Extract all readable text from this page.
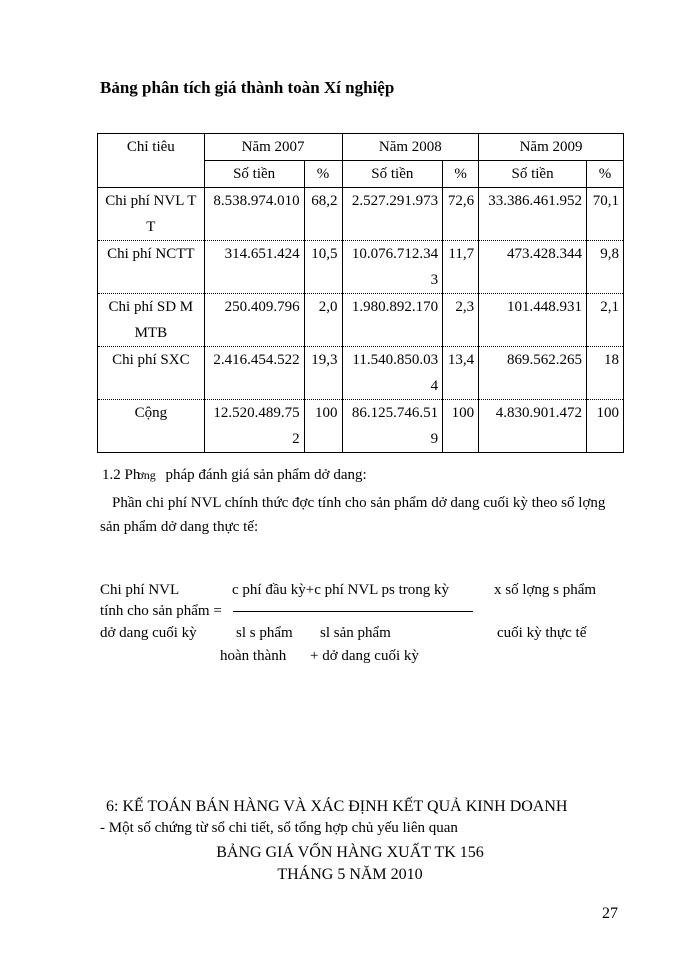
Bảng phân tích giá thành toàn Xí nghiệp
Chỉ tiêu	Năm 2007		Năm 2008		Năm 2009	
	Số tiền	%	Số tiền	%	Số tiền	%
Chi phí NVL TT	8.538.974.010	68,2	2.527.291.973	72,6	33.386.461.952	70,1
Chi phí NCTT	314.651.424	10,5	10.076.712.343	11,7	473.428.344	9,8
Chi phí SD MMTB	250.409.796	2,0	1.980.892.170	2,3	101.448.931	2,1
Chi phí SXC	2.416.454.522	19,3	11.540.850.034	13,4	869.562.265	18
Cộng	12.520.489.752	100	86.125.746.519	100	4.830.901.472	100
1.2 Phơng pháp đánh giá sản phẩm dở dang:
Phần chi phí NVL chính thức đợc tính cho sản phẩm dở dang cuối kỳ theo số lợng sản phẩm dở dang thực tế:
Chi phí NVL
tính cho sản phẩm =
dở dang cuối kỳ
c phí đầu kỳ+c phí NVL ps trong kỳ
sl s phẩm sl sản phẩm
hoàn thành + dở dang cuối kỳ
x số lợng s phẩm
cuối kỳ thực tế
6: KẾ TOÁN BÁN HÀNG VÀ XÁC ĐỊNH KẾT QUẢ KINH DOANH
- Một số chứng từ sổ chi tiết, sổ tổng hợp chủ yếu liên quan
BẢNG GIÁ VỐN HÀNG XUẤT TK 156
THÁNG 5 NĂM 2010
27
